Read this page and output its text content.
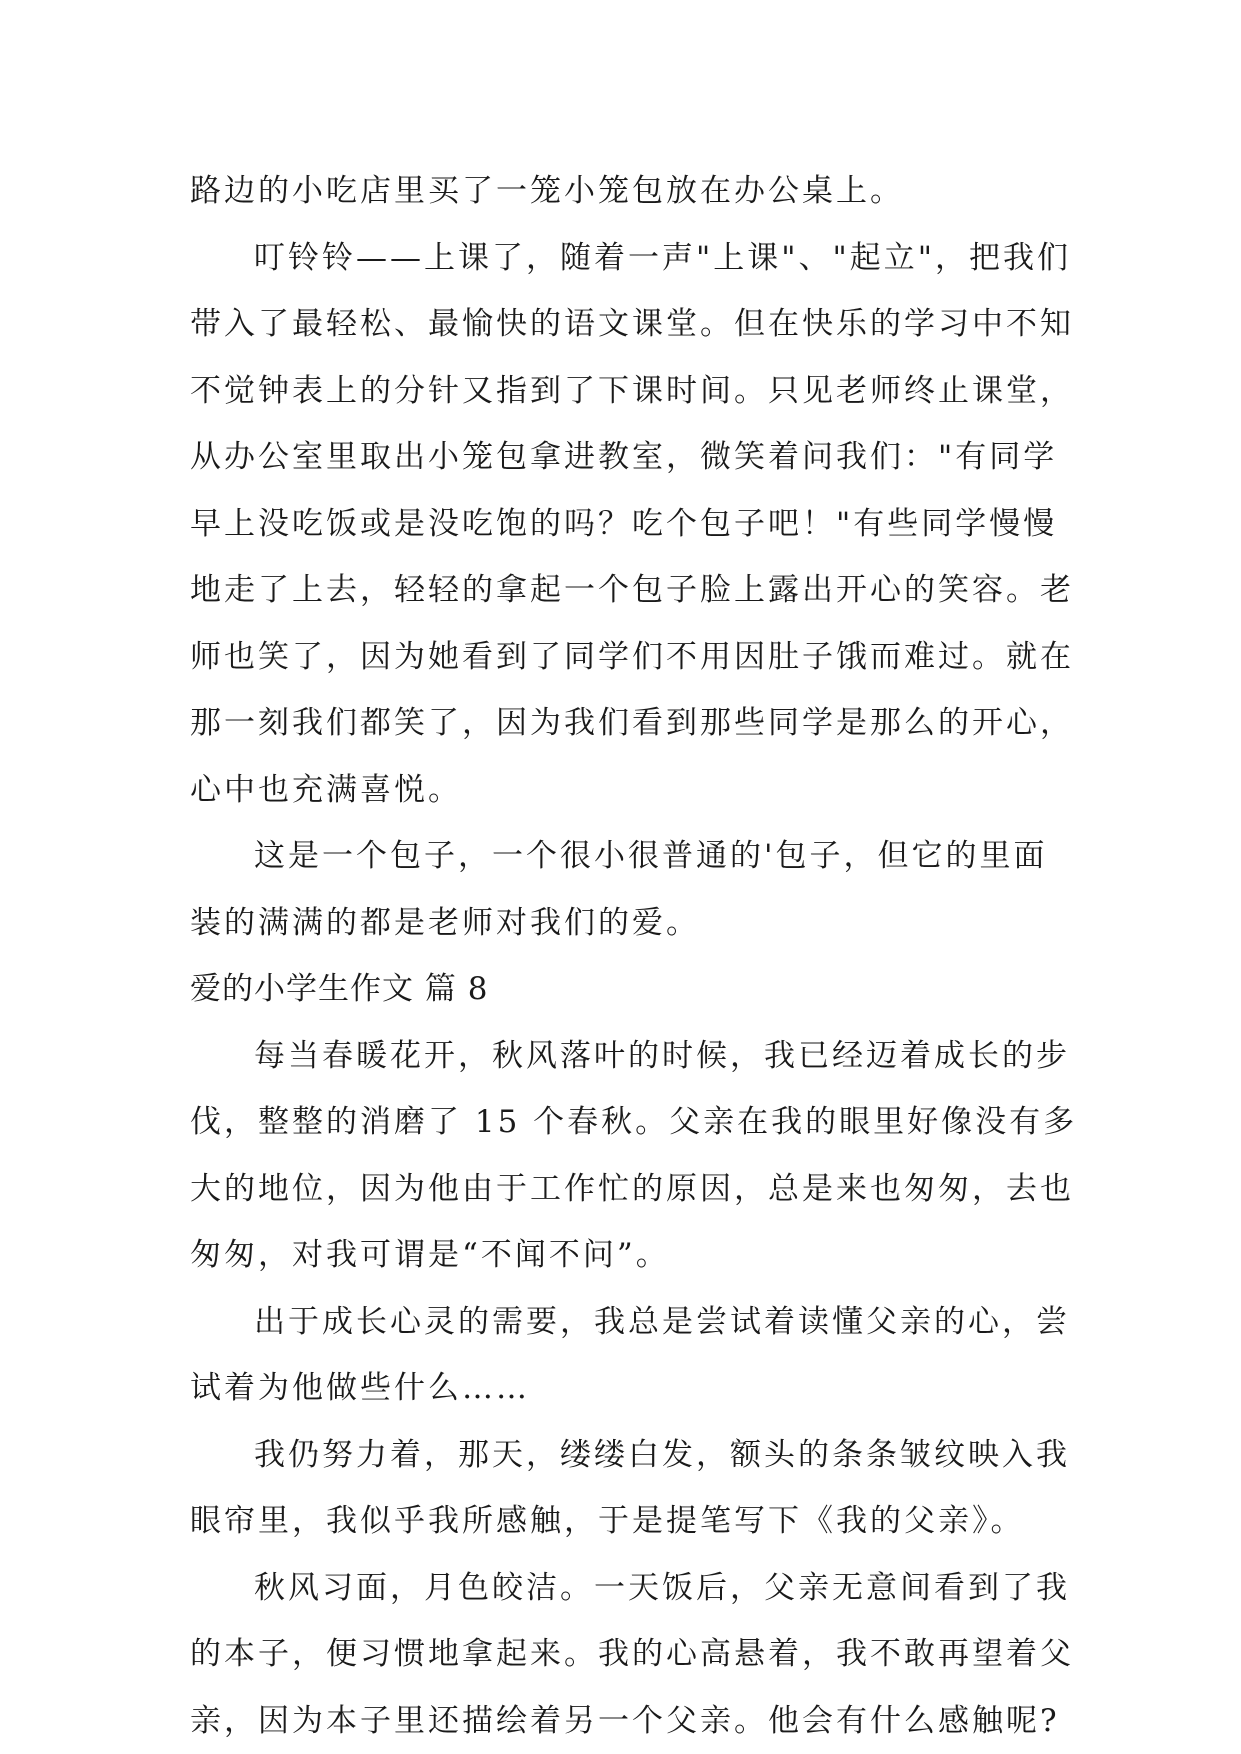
路边的小吃店里买了一笼小笼包放在办公桌上。
叮铃铃——上课了，随着一声"上课"、"起立"，把我们
带入了最轻松、最愉快的语文课堂。但在快乐的学习中不知
不觉钟表上的分针又指到了下课时间。只见老师终止课堂，
从办公室里取出小笼包拿进教室，微笑着问我们："有同学
早上没吃饭或是没吃饱的吗？吃个包子吧！"有些同学慢慢
地走了上去，轻轻的拿起一个包子脸上露出开心的笑容。老
师也笑了，因为她看到了同学们不用因肚子饿而难过。就在
那一刻我们都笑了，因为我们看到那些同学是那么的开心，
心中也充满喜悦。
这是一个包子，一个很小很普通的'包子，但它的里面
装的满满的都是老师对我们的爱。
爱的小学生作文 篇 8
每当春暖花开，秋风落叶的时候，我已经迈着成长的步
伐，整整的消磨了 15 个春秋。父亲在我的眼里好像没有多
大的地位，因为他由于工作忙的原因，总是来也匆匆，去也
匆匆，对我可谓是“不闻不问”。
出于成长心灵的需要，我总是尝试着读懂父亲的心，尝
试着为他做些什么……
我仍努力着，那天，缕缕白发，额头的条条皱纹映入我
眼帘里，我似乎我所感触，于是提笔写下《我的父亲》。
秋风习面，月色皎洁。一天饭后，父亲无意间看到了我
的本子，便习惯地拿起来。我的心高悬着，我不敢再望着父
亲，因为本子里还描绘着另一个父亲。他会有什么感触呢?
